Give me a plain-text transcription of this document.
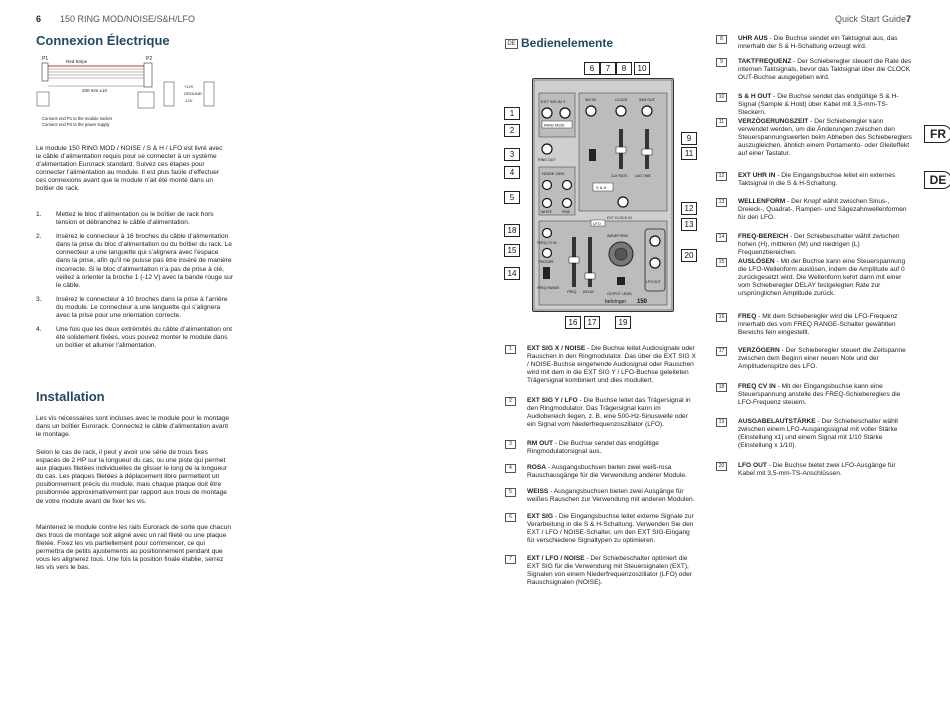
6 150 RING MOD/NOISE/S&H/LFO
Connexion Électrique
P1	P2
Red Stripe
200 mm ±10
+12V
GROUND
-12V
Connect end P1 to the module socket
Connect end P2 to the power supply
Le module 150 RING MOD / NOISE / S & H / LFO est livré avec le câble d’alimentation requis pour se connecter à un système d’alimentation Eurorack standard. Suivez ces étapes pour connecter l’alimentation au module. Il est plus facile d’effectuer ces connexions avant que le module n’ait été monté dans un boîtier de rack.
1. Mettez le bloc d’alimentation ou le boîtier de rack hors tension et débranchez le câble d’alimentation.
2. Insérez le connecteur à 16 broches du câble d’alimentation dans la prise du bloc d’alimentation ou du boîtier du rack. Le connecteur a une languette qui s’alignera avec l’espace dans la prise, afin qu’il ne puisse pas être inséré de manière incorrecte. Si le bloc d’alimentation n’a pas de prise à clé, veillez à orienter la broche 1 (-12 V) avec la bande rouge sur le câble.
3. Insérez le connecteur à 10 broches dans la prise à l’arrière du module. Le connecteur a une languette qui s’alignera avec la prise pour une orientation correcte.
4. Une fois que les deux extrémités du câble d’alimentation ont été solidement fixées, vous pouvez monter le module dans un boîtier et allumer l’alimentation.
Installation
Les vis nécessaires sont incluses avec le module pour le montage dans un boîtier Eurorack. Connectez le câble d’alimentation avant le montage.
Selon le cas de rack, il peut y avoir une série de trous fixes espacés de 2 HP sur la longueur du cas, ou une piste qui permet aux plaques filetées individuelles de glisser le long de la longueur du cas. Les plaques filetées à déplacement libre permettent un positionnement précis du module, mais chaque plaque doit être positionnée approximativement par rapport aux trous de montage de votre module avant de fixer les vis.
Maintenez le module contre les rails Eurorack de sorte que chacun des trous de montage soit aligné avec un rail fileté ou une plaque filetée. Fixez les vis partiellement pour commencer, ce qui permettra de petits ajustements au positionnement pendant que vous les alignerez tous. Une fois la position finale établie, serrez les vis vers le bas.
Quick Start Guide 7
DE Bedienelemente
EXT SIG IN Y
RING MOD
RING OUT
NOISE GEN
WHITE	PINK
SIG IN	CLOCK	S&H OUT
CLK RATE LAG TIME
S & H
EXT CLOCK IN
LFO
FREQ CV IN
TRIGGER
FREQ RANGE
FREQ DELAY
WAVEFORM
OUTPUT LEVEL
LFO OUT
behringer 150
6	7	8	10
1
2
3
4
5
18
15
14
9
11
12
13
20
16	17	19
1	EXT SIG X / NOISE - Die Buchse leitet Audiosignale oder Rauschen in den Ringmodulator. Das über die EXT SIG X / NOISE-Buchse eingehende Audiosignal oder Rauschen wird mit dem in die EXT SIG Y / LFO-Buchse geleiteten Trägersignal kombiniert und dies moduliert.
2	EXT SIG Y / LFO - Die Buchse leitet das Trägersignal in den Ringmodulator. Das Trägersignal kann im Audiobereich liegen, z. B. eine 500-Hz-Sinuswelle oder ein Signal vom Niederfrequenzoszillator (LFO).
3	RM OUT - Die Buchse sendet das endgültige Ringmodulatorsignal aus.
4	ROSA - Ausgangsbuchsen bieten zwei weiß-rosa Rauschausgänge für die Verwendung anderer Module.
5	WEISS - Ausgangsbuchsen bieten zwei Ausgänge für weißes Rauschen zur Verwendung mit anderen Modulen.
6	EXT SIG - Die Eingangsbuchse leitet externe Signale zur Verarbeitung in die S & H-Schaltung. Verwenden Sie den EXT / LFO / NOISE-Schalter, um den EXT SIG-Eingang für verschiedene Signaltypen zu optimieren.
7	EXT / LFO / NOISE - Der Schiebeschalter optimiert die EXT SIG für die Verwendung mit Steuersignalen (EXT), Signalen von einem Niederfrequenzoszillator (LFO) oder Rauschsignalen (NOISE).
8	UHR AUS - Die Buchse sendet ein Taktsignal aus, das innerhalb der S & H-Schaltung erzeugt wird.
9	TAKTFREQUENZ - Der Schieberegler steuert die Rate des internen Taktsignals, bevor das Taktsignal über die CLOCK OUT-Buchse ausgegeben wird.
10	S & H OUT - Die Buchse sendet das endgültige S & H-Signal (Sample & Hold) über Kabel mit 3,5-mm-TS-Steckern.
11	VERZÖGERUNGSZEIT - Der Schieberegler kann verwendet werden, um die Änderungen zwischen den Steuerspannungswerten beim Abheben des Schiebereglers auszugleichen, ähnlich einem Portamento- oder Gleiteffekt auf einer Tastatur.
12	EXT UHR IN - Die Eingangsbuchse leitet ein externes Taktsignal in die S & H-Schaltung.
13	WELLENFORM - Der Knopf wählt zwischen Sinus-, Dreieck-, Quadrat-, Rampen- und Sägezahnwellenformen für den LFO.
14	FREQ-BEREICH - Der Schiebeschalter wählt zwischen hohen (H), mittleren (M) und niedrigen (L) Frequenzbereichen.
15	AUSLÖSEN - Mit der Buchse kann eine Steuerspannung die LFO-Wellenform auslösen, indem die Amplitude auf 0 zurückgesetzt wird. Die Wellenform kehrt dann mit einer vom Schieberegler DELAY festgelegten Rate zur ursprünglichen Amplitude zurück.
16	FREQ - Mit dem Schieberegler wird die LFO-Frequenz innerhalb des vom FREQ RANGE-Schalter gewählten Bereichs fein eingestellt.
17	VERZÖGERN - Der Schieberegler steuert die Zeitspanne zwischen dem Beginn einer neuen Note und der Amplitudenspitze des LFO.
18	FREQ CV IN - Mit der Eingangsbuchse kann eine Steuerspannung anstelle des FREQ-Schiebereglers die LFO-Frequenz steuern.
19	AUSGABELAUTSTÄRKE - Der Schiebeschalter wählt zwischen einem LFO-Ausgangssignal mit voller Stärke (Einstellung x1) und einem Signal mit 1/10 Stärke (Einstellung x 1/10).
20	LFO OUT - Die Buchse bietet zwei LFO-Ausgänge für Kabel mit 3,5-mm-TS-Anschlüssen.
FR
DE
